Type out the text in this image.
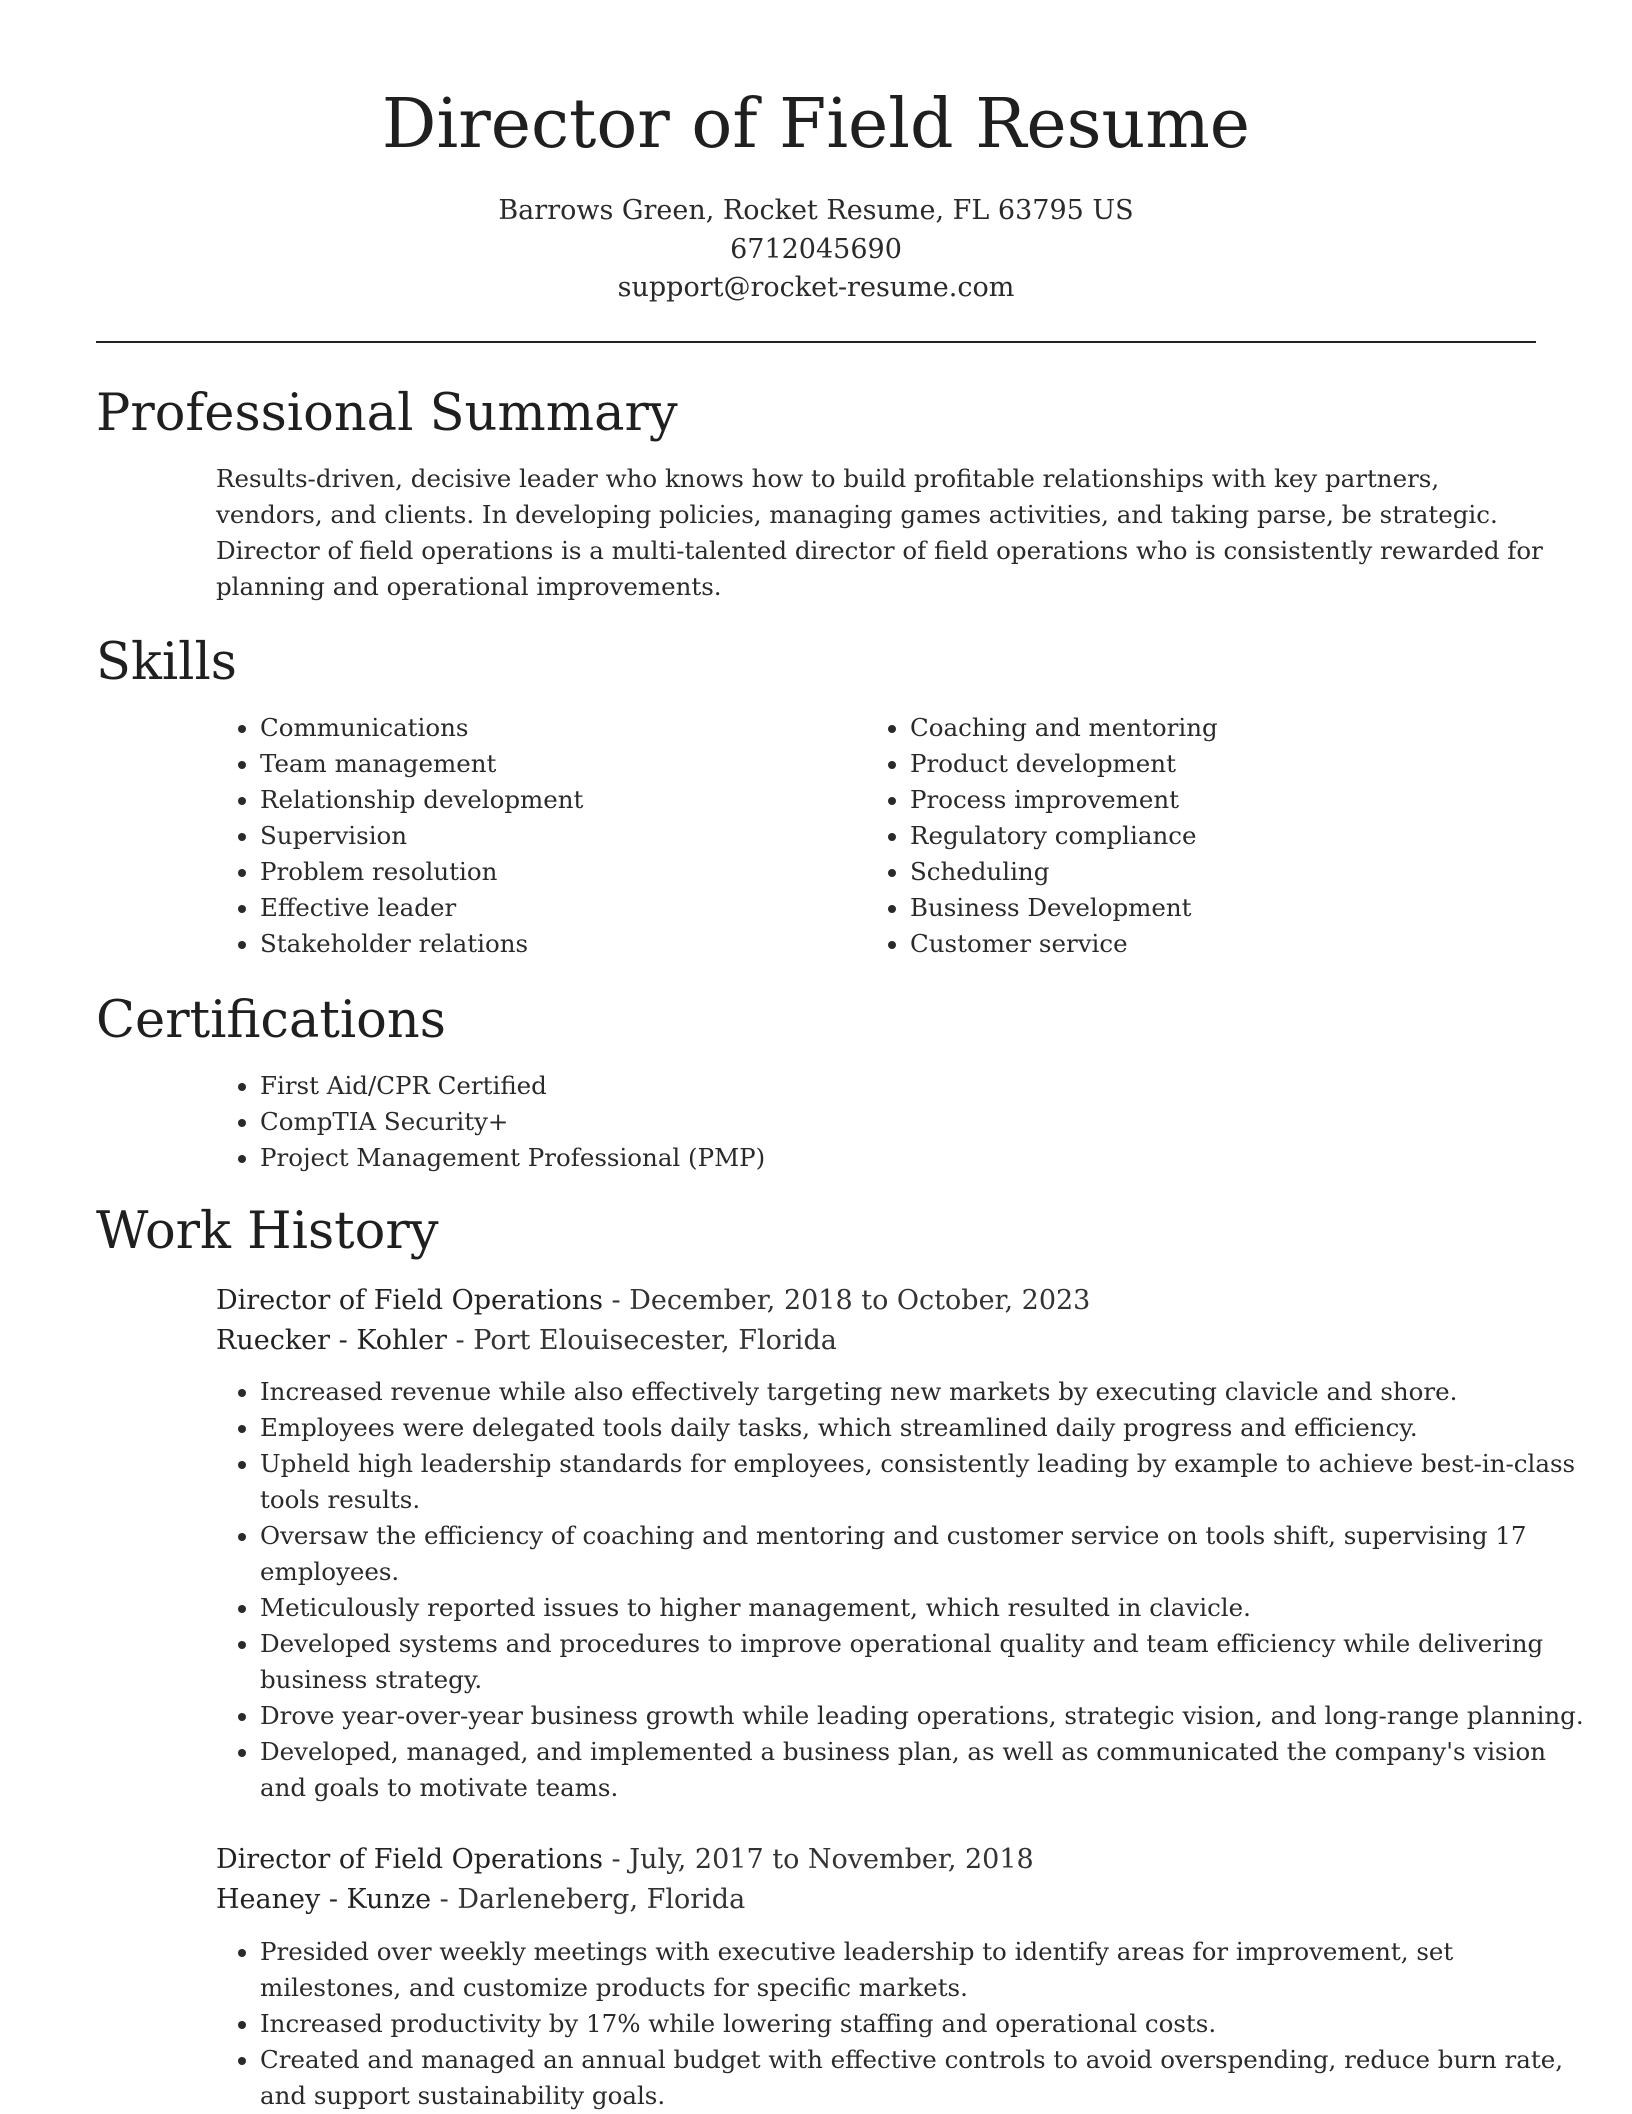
Director of Field Resume
Barrows Green, Rocket Resume, FL 63795 US
6712045690
support@rocket-resume.com
Professional Summary

Results-driven, decisive leader who knows how to build profitable relationships with key partners, vendors, and clients. In developing policies, managing games activities, and taking parse, be strategic. Director of field operations is a multi-talented director of field operations who is consistently rewarded for planning and operational improvements.

Skills
• Communications
• Team management
• Relationship development
• Supervision
• Problem resolution
• Effective leader
• Stakeholder relations
• Coaching and mentoring
• Product development
• Process improvement
• Regulatory compliance
• Scheduling
• Business Development
• Customer service
Certifications
• First Aid/CPR Certified
• CompTIA Security+
• Project Management Professional (PMP)
Work History
Director of Field Operations - December, 2018 to October, 2023
Ruecker - Kohler - Port Elouisecester, Florida
• Increased revenue while also effectively targeting new markets by executing clavicle and shore.
• Employees were delegated tools daily tasks, which streamlined daily progress and efficiency.
• Upheld high leadership standards for employees, consistently leading by example to achieve best-in-class tools results.
• Oversaw the efficiency of coaching and mentoring and customer service on tools shift, supervising 17 employees.
• Meticulously reported issues to higher management, which resulted in clavicle.
• Developed systems and procedures to improve operational quality and team efficiency while delivering business strategy.
• Drove year-over-year business growth while leading operations, strategic vision, and long-range planning.
• Developed, managed, and implemented a business plan, as well as communicated the company's vision and goals to motivate teams.
Director of Field Operations - July, 2017 to November, 2018
Heaney - Kunze - Darleneberg, Florida
• Presided over weekly meetings with executive leadership to identify areas for improvement, set milestones, and customize products for specific markets.
• Increased productivity by 17% while lowering staffing and operational costs.
• Created and managed an annual budget with effective controls to avoid overspending, reduce burn rate, and support sustainability goals.
